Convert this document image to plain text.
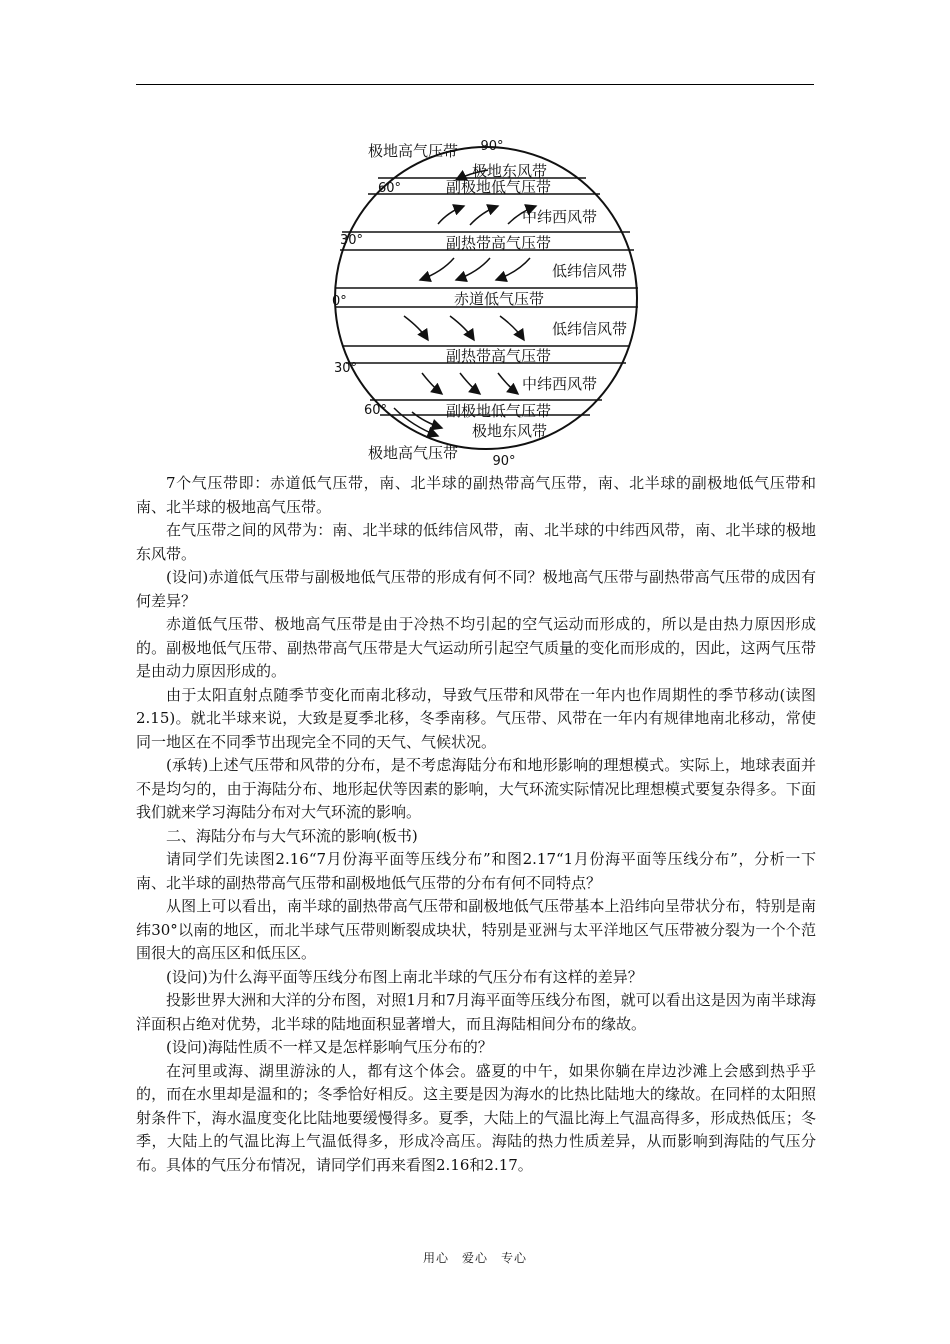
90°
60°
30°
0°
30°
60°
90°
极地高气压带
副极地低气压带
副热带高气压带
赤道低气压带
副热带高气压带
副极地低气压带
极地高气压带
极地东风带
中纬西风带
低纬信风带
低纬信风带
中纬西风带
极地东风带

7个气压带即：赤道低气压带，南、北半球的副热带高气压带，南、北半球的副极地低气压带和南、北半球的极地高气压带。

在气压带之间的风带为：南、北半球的低纬信风带，南、北半球的中纬西风带，南、北半球的极地东风带。

(设问)赤道低气压带与副极地低气压带的形成有何不同？极地高气压带与副热带高气压带的成因有何差异？

赤道低气压带、极地高气压带是由于冷热不均引起的空气运动而形成的，所以是由热力原因形成的。副极地低气压带、副热带高气压带是大气运动所引起空气质量的变化而形成的，因此，这两气压带是由动力原因形成的。

由于太阳直射点随季节变化而南北移动，导致气压带和风带在一年内也作周期性的季节移动(读图2.15)。就北半球来说，大致是夏季北移，冬季南移。气压带、风带在一年内有规律地南北移动，常使同一地区在不同季节出现完全不同的天气、气候状况。

(承转)上述气压带和风带的分布，是不考虑海陆分布和地形影响的理想模式。实际上，地球表面并不是均匀的，由于海陆分布、地形起伏等因素的影响，大气环流实际情况比理想模式要复杂得多。下面我们就来学习海陆分布对大气环流的影响。

二、海陆分布与大气环流的影响(板书)

请同学们先读图2.16“7月份海平面等压线分布”和图2.17“1月份海平面等压线分布”，分析一下南、北半球的副热带高气压带和副极地低气压带的分布有何不同特点？

从图上可以看出，南半球的副热带高气压带和副极地低气压带基本上沿纬向呈带状分布，特别是南纬30°以南的地区，而北半球气压带则断裂成块状，特别是亚洲与太平洋地区气压带被分裂为一个个范围很大的高压区和低压区。

(设问)为什么海平面等压线分布图上南北半球的气压分布有这样的差异？

投影世界大洲和大洋的分布图，对照1月和7月海平面等压线分布图，就可以看出这是因为南半球海洋面积占绝对优势，北半球的陆地面积显著增大，而且海陆相间分布的缘故。

(设问)海陆性质不一样又是怎样影响气压分布的？

在河里或海、湖里游泳的人，都有这个体会。盛夏的中午，如果你躺在岸边沙滩上会感到热乎乎的，而在水里却是温和的；冬季恰好相反。这主要是因为海水的比热比陆地大的缘故。在同样的太阳照射条件下，海水温度变化比陆地要缓慢得多。夏季，大陆上的气温比海上气温高得多，形成热低压；冬季，大陆上的气温比海上气温低得多，形成冷高压。海陆的热力性质差异，从而影响到海陆的气压分布。具体的气压分布情况，请同学们再来看图2.16和2.17。

用心　爱心　专心
